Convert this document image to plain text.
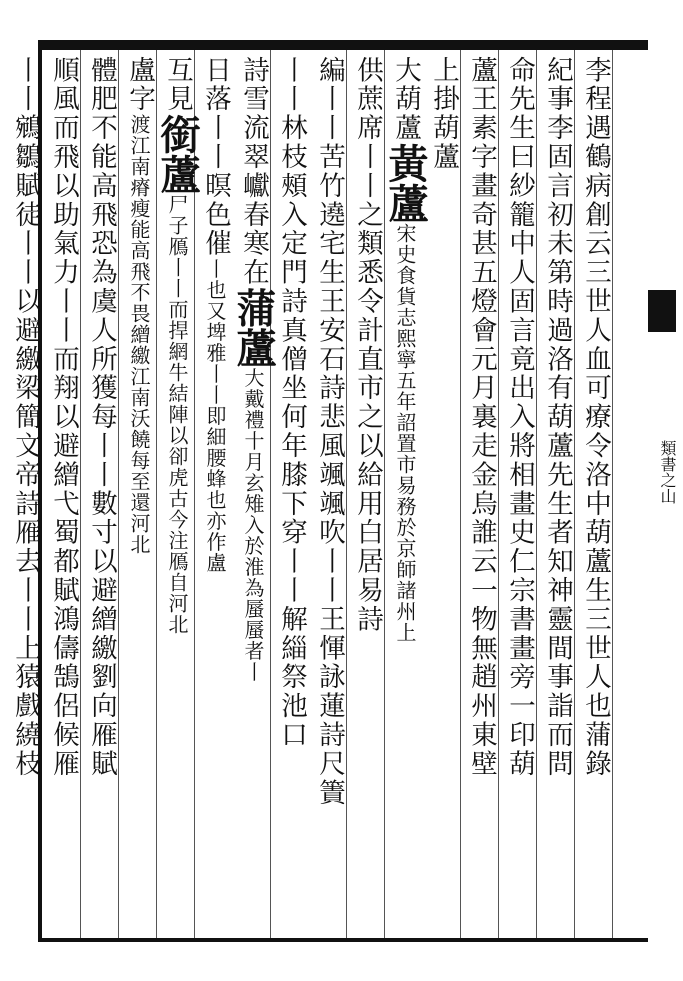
類書之山
李程遇鶴病創云三世人血可療令洛中葫蘆生三世人也蒲錄
紀事李固言初未第時過洛有葫蘆先生者知神靈間事詣而問
命先生曰紗籠中人固言竟出入將相畫史仁宗書畫旁一印葫
蘆王素字畫奇甚五燈會元月裏走金烏誰云一物無趙州東壁
上掛葫蘆
大葫蘆黃蘆宋史食貨志熙寧五年詔置市易務於京師諸州上
供蔗席丨丨之類悉令計直市之以給用白居易詩
編丨丨苦竹遶宅生王安石詩悲風颯颯吹丨丨王惲詠蓮詩尺簀
丨丨林枝頰入定門詩真僧坐何年膝下穿丨丨解緇祭池口
詩雪流翠巘春寒在蒲蘆大戴禮十月玄雉入於淮為蜃蜃者丨
日落丨丨暝色催丨也又埤雅丨丨即細腰蜂也亦作盧
互見銜蘆尸子鴈丨丨而捍網牛結陣以卻虎古今注鴈自河北
盧字渡江南瘠瘦能高飛不畏繒繳江南沃饒每至還河北
體肥不能高飛恐為虞人所獲每丨丨數寸以避繒繳劉向雁賦
順風而飛以助氣力丨丨而翔以避繒弋蜀都賦鴻儔鵠侶候雁
丨丨鵷鶵賦徒丨丨以避繳梁簡文帝詩雁去丨丨上猿戲繞枝
